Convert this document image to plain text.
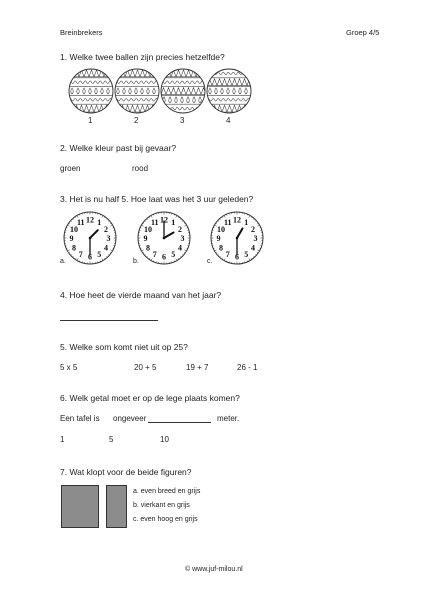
Breinbrekers	Groep 4/5
1. Welke twee ballen zijn precies hetzelfde?
1	2	3	4
2. Welke kleur past bij gevaar?
groen	rood
3. Het is nu half 5. Hoe laat was het 3 uur geleden?
12 1
2
3
4
5
6
7
8
9
10
11	12 1
2
3
4
5
6
7
8
9
10
11	12 1
2
3
4
5
6
7
8
9
10
11
a.	b.	c.
4. Hoe heet de vierde maand van het jaar?
5. Welke som komt niet uit op 25?
5 x 5	20 + 5	19 + 7	26 - 1
6. Welk getal moet er op de lege plaats komen?
Een tafel is ongeveer	meter.
1	5	10
7. Wat klopt voor de beide figuren?
a. even breed en grijs
b. vierkant en grijs
c. even hoog en grijs
© www.juf-milou.nl
